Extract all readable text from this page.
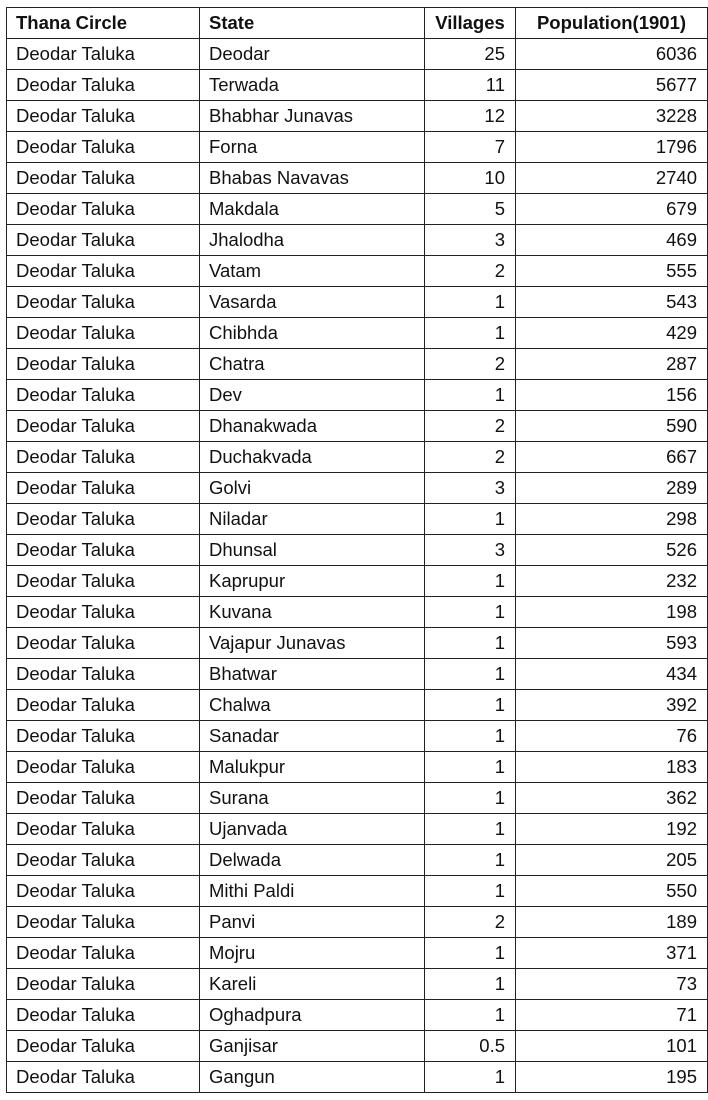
Thana Circle	State	Villages	Population(1901)
Deodar Taluka	Deodar	25	6036
Deodar Taluka	Terwada	11	5677
Deodar Taluka	Bhabhar Junavas	12	3228
Deodar Taluka	Forna	7	1796
Deodar Taluka	Bhabas Navavas	10	2740
Deodar Taluka	Makdala	5	679
Deodar Taluka	Jhalodha	3	469
Deodar Taluka	Vatam	2	555
Deodar Taluka	Vasarda	1	543
Deodar Taluka	Chibhda	1	429
Deodar Taluka	Chatra	2	287
Deodar Taluka	Dev	1	156
Deodar Taluka	Dhanakwada	2	590
Deodar Taluka	Duchakvada	2	667
Deodar Taluka	Golvi	3	289
Deodar Taluka	Niladar	1	298
Deodar Taluka	Dhunsal	3	526
Deodar Taluka	Kaprupur	1	232
Deodar Taluka	Kuvana	1	198
Deodar Taluka	Vajapur Junavas	1	593
Deodar Taluka	Bhatwar	1	434
Deodar Taluka	Chalwa	1	392
Deodar Taluka	Sanadar	1	76
Deodar Taluka	Malukpur	1	183
Deodar Taluka	Surana	1	362
Deodar Taluka	Ujanvada	1	192
Deodar Taluka	Delwada	1	205
Deodar Taluka	Mithi Paldi	1	550
Deodar Taluka	Panvi	2	189
Deodar Taluka	Mojru	1	371
Deodar Taluka	Kareli	1	73
Deodar Taluka	Oghadpura	1	71
Deodar Taluka	Ganjisar	0.5	101
Deodar Taluka	Gangun	1	195
